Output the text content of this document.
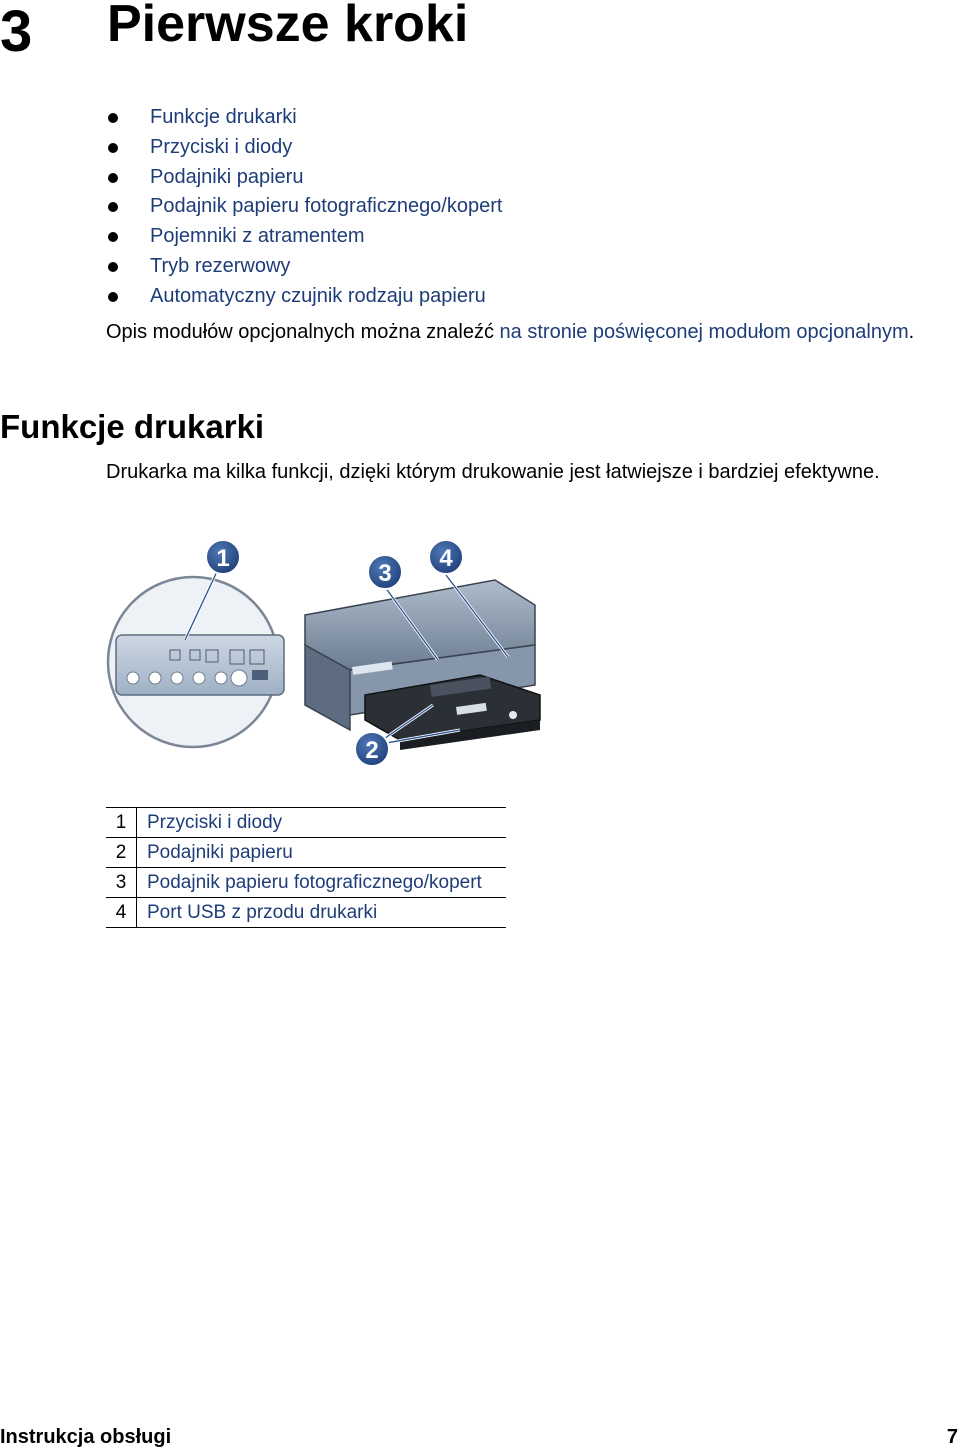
3 Pierwsze kroki
Funkcje drukarki
Przyciski i diody
Podajniki papieru
Podajnik papieru fotograficznego/kopert
Pojemniki z atramentem
Tryb rezerwowy
Automatyczny czujnik rodzaju papieru
Opis modułów opcjonalnych można znaleźć na stronie poświęconej modułom opcjonalnym.
Funkcje drukarki
Drukarka ma kilka funkcji, dzięki którym drukowanie jest łatwiejsze i bardziej efektywne.
1
3
4
2
1	Przyciski i diody
2	Podajniki papieru
3	Podajnik papieru fotograficznego/kopert
4	Port USB z przodu drukarki
Instrukcja obsługi	7
